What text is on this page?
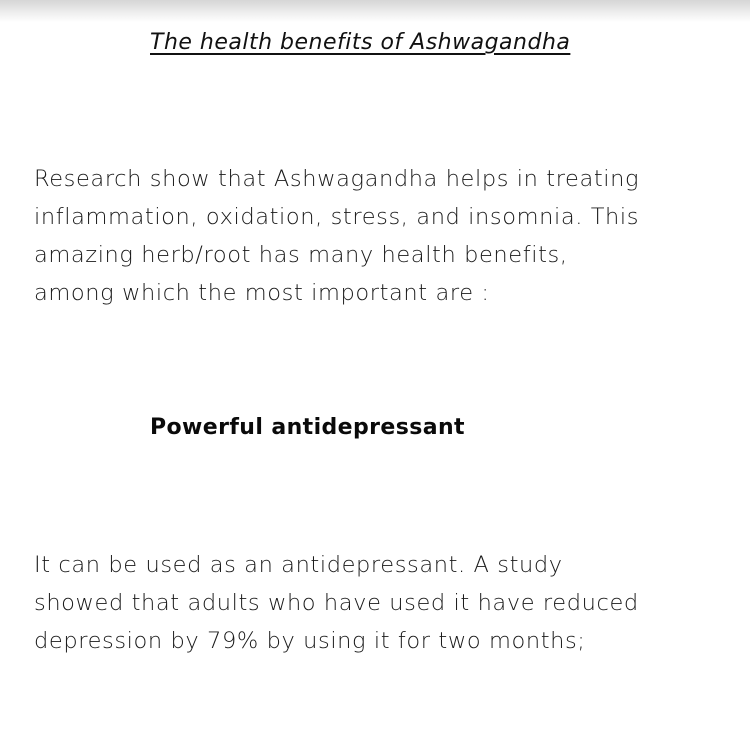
The health benefits of Ashwagandha
Research show that Ashwagandha helps in treating
inflammation, oxidation, stress, and insomnia. This
amazing herb/root has many health benefits,
among which the most important are :
Powerful antidepressant
It can be used as an antidepressant. A study
showed that adults who have used it have reduced
depression by 79% by using it for two months;
